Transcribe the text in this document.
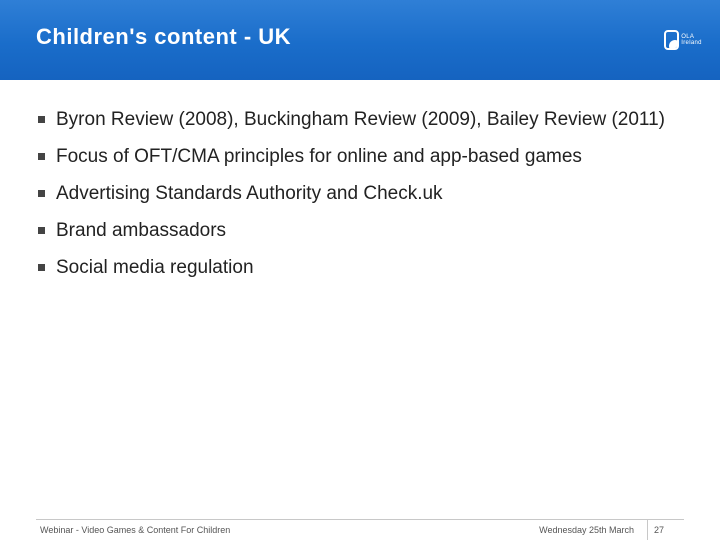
Children's content - UK	OLA Ireland
Byron Review (2008), Buckingham Review (2009), Bailey Review (2011)
Focus of OFT/CMA principles for online and app-based games
Advertising Standards Authority and Check.uk
Brand ambassadors
Social media regulation
Webinar - Video Games & Content For Children	Wednesday 25th March 27
